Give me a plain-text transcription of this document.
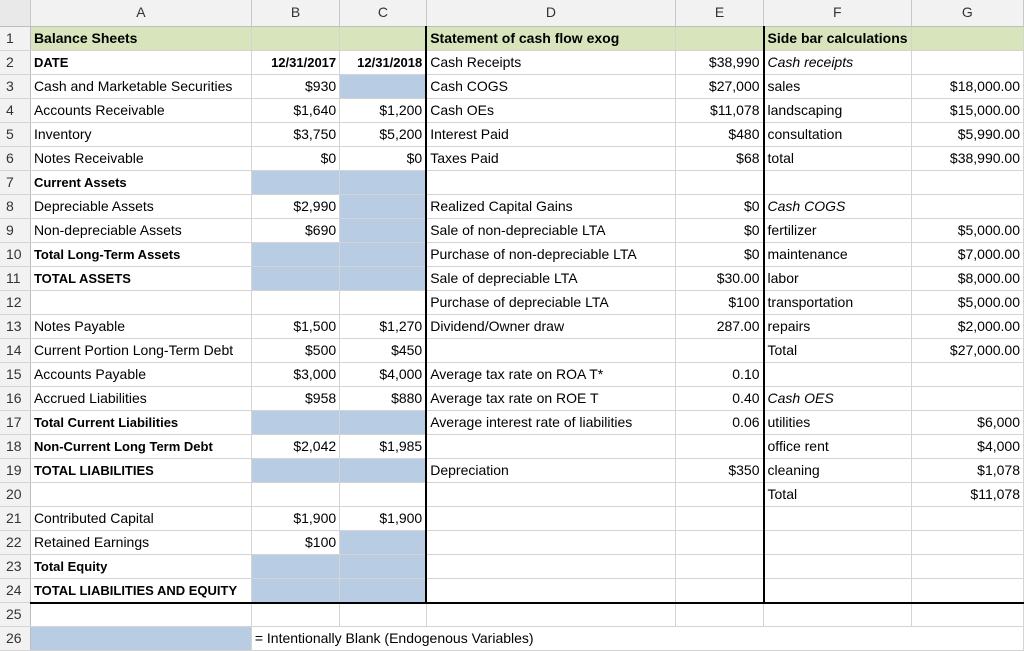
	A	B	C	D	E	F	G
1	Balance Sheets			Statement of cash flow exog		Side bar calculations	
2	DATE	12/31/2017	12/31/2018	Cash Receipts	$38,990	Cash receipts	
3	Cash and Marketable Securities	$930		Cash COGS	$27,000	sales	$18,000.00
4	Accounts Receivable	$1,640	$1,200	Cash OEs	$11,078	landscaping	$15,000.00
5	Inventory	$3,750	$5,200	Interest Paid	$480	consultation	$5,990.00
6	Notes Receivable	$0	$0	Taxes Paid	$68	total	$38,990.00
7	Current Assets						
8	Depreciable Assets	$2,990		Realized Capital Gains	$0	Cash COGS	
9	Non-depreciable Assets	$690		Sale of non-depreciable LTA	$0	fertilizer	$5,000.00
10	Total Long-Term Assets			Purchase of non-depreciable LTA	$0	maintenance	$7,000.00
11	TOTAL ASSETS			Sale of depreciable LTA	$30.00	labor	$8,000.00
12				Purchase of depreciable LTA	$100	transportation	$5,000.00
13	Notes Payable	$1,500	$1,270	Dividend/Owner draw	287.00	repairs	$2,000.00
14	Current Portion Long-Term Debt	$500	$450			Total	$27,000.00
15	Accounts Payable	$3,000	$4,000	Average tax rate on ROA T*	0.10		
16	Accrued Liabilities	$958	$880	Average tax rate on ROE T	0.40	Cash OES	
17	Total Current Liabilities			Average interest rate of liabilities	0.06	utilities	$6,000
18	Non-Current Long Term Debt	$2,042	$1,985			office rent	$4,000
19	TOTAL LIABILITIES			Depreciation	$350	cleaning	$1,078
20						Total	$11,078
21	Contributed Capital	$1,900	$1,900				
22	Retained Earnings	$100					
23	Total Equity						
24	TOTAL LIABILITIES AND EQUITY						
25							
26		= Intentionally Blank (Endogenous Variables)					
